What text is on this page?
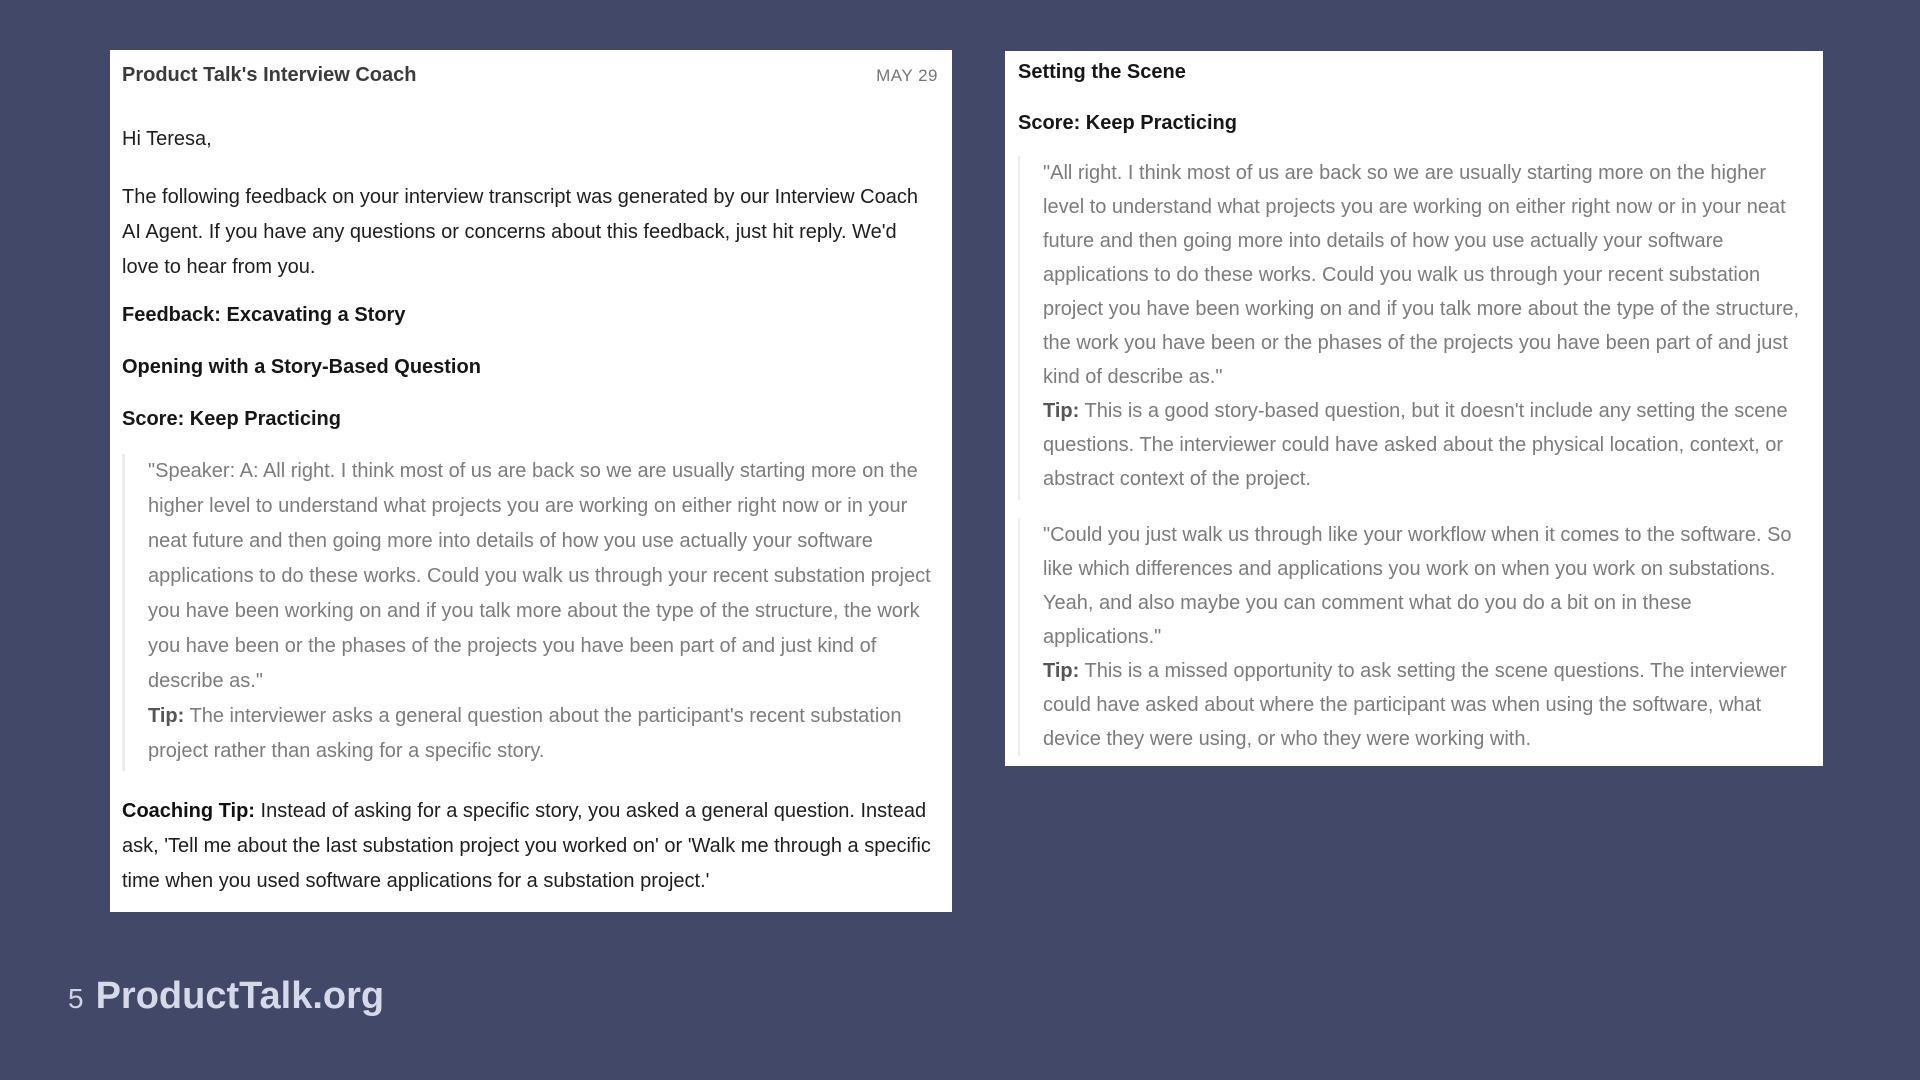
Product Talk's Interview Coach	MAY 29

Hi Teresa,

The following feedback on your interview transcript was generated by our Interview Coach AI Agent. If you have any questions or concerns about this feedback, just hit reply. We'd love to hear from you.

Feedback: Excavating a Story
Opening with a Story-Based Question
Score: Keep Practicing
"Speaker: A: All right. I think most of us are back so we are usually starting more on the higher level to understand what projects you are working on either right now or in your neat future and then going more into details of how you use actually your software applications to do these works. Could you walk us through your recent substation project you have been working on and if you talk more about the type of the structure, the work you have been or the phases of the projects you have been part of and just kind of describe as."
Tip: The interviewer asks a general question about the participant's recent substation project rather than asking for a specific story.

Coaching Tip: Instead of asking for a specific story, you asked a general question. Instead ask, 'Tell me about the last substation project you worked on' or 'Walk me through a specific time when you used software applications for a substation project.'

Setting the Scene
Score: Keep Practicing
"All right. I think most of us are back so we are usually starting more on the higher level to understand what projects you are working on either right now or in your neat future and then going more into details of how you use actually your software applications to do these works. Could you walk us through your recent substation project you have been working on and if you talk more about the type of the structure, the work you have been or the phases of the projects you have been part of and just kind of describe as."
Tip: This is a good story-based question, but it doesn't include any setting the scene questions. The interviewer could have asked about the physical location, context, or abstract context of the project.
"Could you just walk us through like your workflow when it comes to the software. So like which differences and applications you work on when you work on substations. Yeah, and also maybe you can comment what do you do a bit on in these applications."
Tip: This is a missed opportunity to ask setting the scene questions. The interviewer could have asked about where the participant was when using the software, what device they were using, or who they were working with.
5 ProductTalk.org
